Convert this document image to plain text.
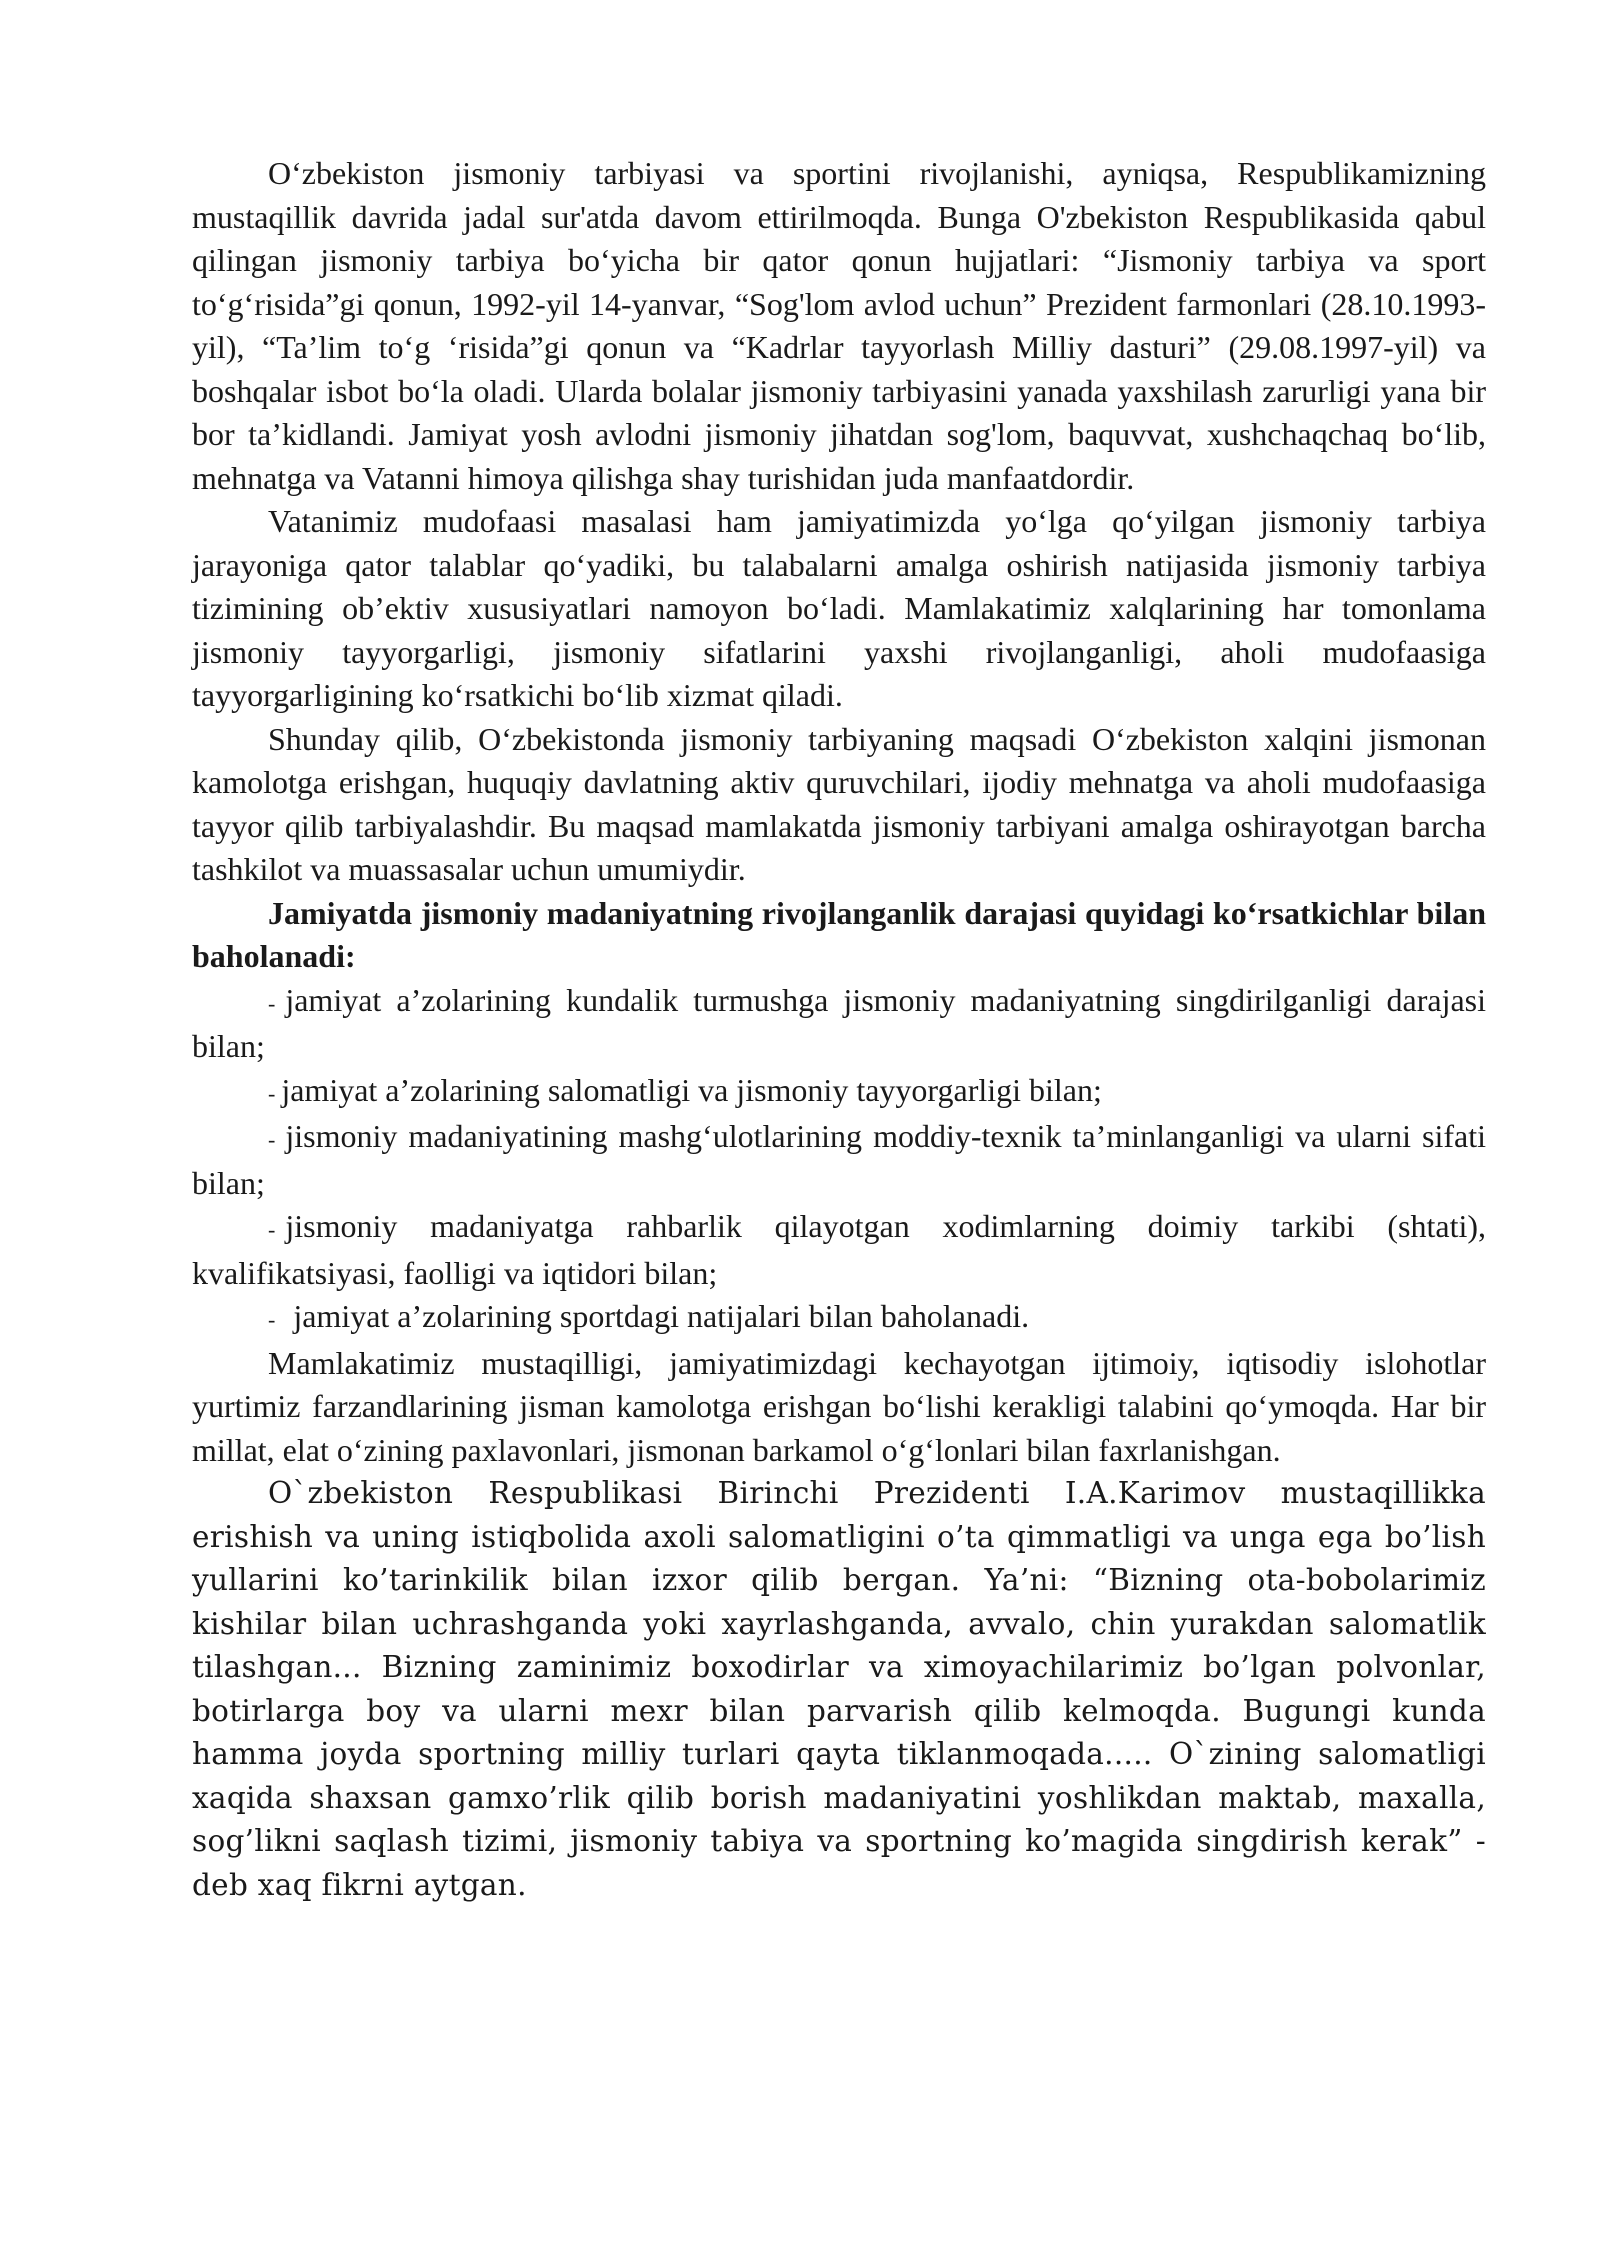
O‘zbekiston jismoniy tarbiyasi va sportini rivojlanishi, ayniqsa, Respublikamizning mustaqillik davrida jadal sur'atda davom ettirilmoqda. Bunga O'zbekiston Respublikasida qabul qilingan jismoniy tarbiya bo‘yicha bir qator qonun hujjatlari: “Jismoniy tarbiya va sport to‘g‘risida”gi qonun, 1992-yil 14-yanvar, “Sog'lom avlod uchun” Prezident farmonlari (28.10.1993-yil), “Ta’lim to‘g ‘risida”gi qonun va “Kadrlar tayyorlash Milliy dasturi” (29.08.1997-yil) va boshqalar isbot bo‘la oladi. Ularda bolalar jismoniy tarbiyasini yanada yaxshilash zarurligi yana bir bor ta’kidlandi. Jamiyat yosh avlodni jismoniy jihatdan sog'lom, baquvvat, xushchaqchaq bo‘lib, mehnatga va Vatanni himoya qilishga shay turishidan juda manfaatdordir.

Vatanimiz mudofaasi masalasi ham jamiyatimizda yo‘lga qo‘yilgan jismoniy tarbiya jarayoniga qator talablar qo‘yadiki, bu talabalarni amalga oshirish natijasida jismoniy tarbiya tizimining ob’ektiv xususiyatlari namoyon bo‘ladi. Mamlakatimiz xalqlarining har tomonlama jismoniy tayyorgarligi, jismoniy sifatlarini yaxshi rivojlanganligi, aholi mudofaasiga tayyorgarligining ko‘rsatkichi bo‘lib xizmat qiladi.

Shunday qilib, O‘zbekistonda jismoniy tarbiyaning maqsadi O‘zbekiston xalqini jismonan kamolotga erishgan, huquqiy davlatning aktiv quruvchilari, ijodiy mehnatga va aholi mudofaasiga tayyor qilib tarbiyalashdir. Bu maqsad mamlakatda jismoniy tarbiyani amalga oshirayotgan barcha tashkilot va muassasalar uchun umumiydir.

Jamiyatda jismoniy madaniyatning rivojlanganlik darajasi quyidagi ko‘rsatkichlar bilan baholanadi:

- jamiyat a’zolarining kundalik turmushga jismoniy madaniyatning singdirilganligi darajasi bilan;

- jamiyat a’zolarining salomatligi va jismoniy tayyorgarligi bilan;

- jismoniy madaniyatining mashg‘ulotlarining moddiy-texnik ta’minlanganligi va ularni sifati bilan;

- jismoniy madaniyatga rahbarlik qilayotgan xodimlarning doimiy tarkibi (shtati), kvalifikatsiyasi, faolligi va iqtidori bilan;

- jamiyat a’zolarining sportdagi natijalari bilan baholanadi.

Mamlakatimiz mustaqilligi, jamiyatimizdagi kechayotgan ijtimoiy, iqtisodiy islohotlar yurtimiz farzandlarining jisman kamolotga erishgan bo‘lishi kerakligi talabini qo‘ymoqda. Har bir millat, elat o‘zining paxlavonlari, jismonan barkamol o‘g‘lonlari bilan faxrlanishgan.

O`zbekiston Respublikasi Birinchi Prezidenti I.A.Karimov mustaqillikka erishish va uning istiqbolida axoli salomatligini o’ta qimmatligi va unga ega bo’lish yullarini ko’tarinkilik bilan izxor qilib bergan. Ya’ni: “Bizning ota-bobolarimiz kishilar bilan uchrashganda yoki xayrlashganda, avvalo, chin yurakdan salomatlik tilashgan... Bizning zaminimiz boxodirlar va ximoyachilarimiz bo’lgan polvonlar, botirlarga boy va ularni mexr bilan parvarish qilib kelmoqda. Bugungi kunda hamma joyda sportning milliy turlari qayta tiklanmoqada..... O`zining salomatligi xaqida shaxsan gamxo’rlik qilib borish madaniyatini yoshlikdan maktab, maxalla, sog’likni saqlash tizimi, jismoniy tabiya va sportning ko’magida singdirish kerak” - deb xaq fikrni aytgan.
